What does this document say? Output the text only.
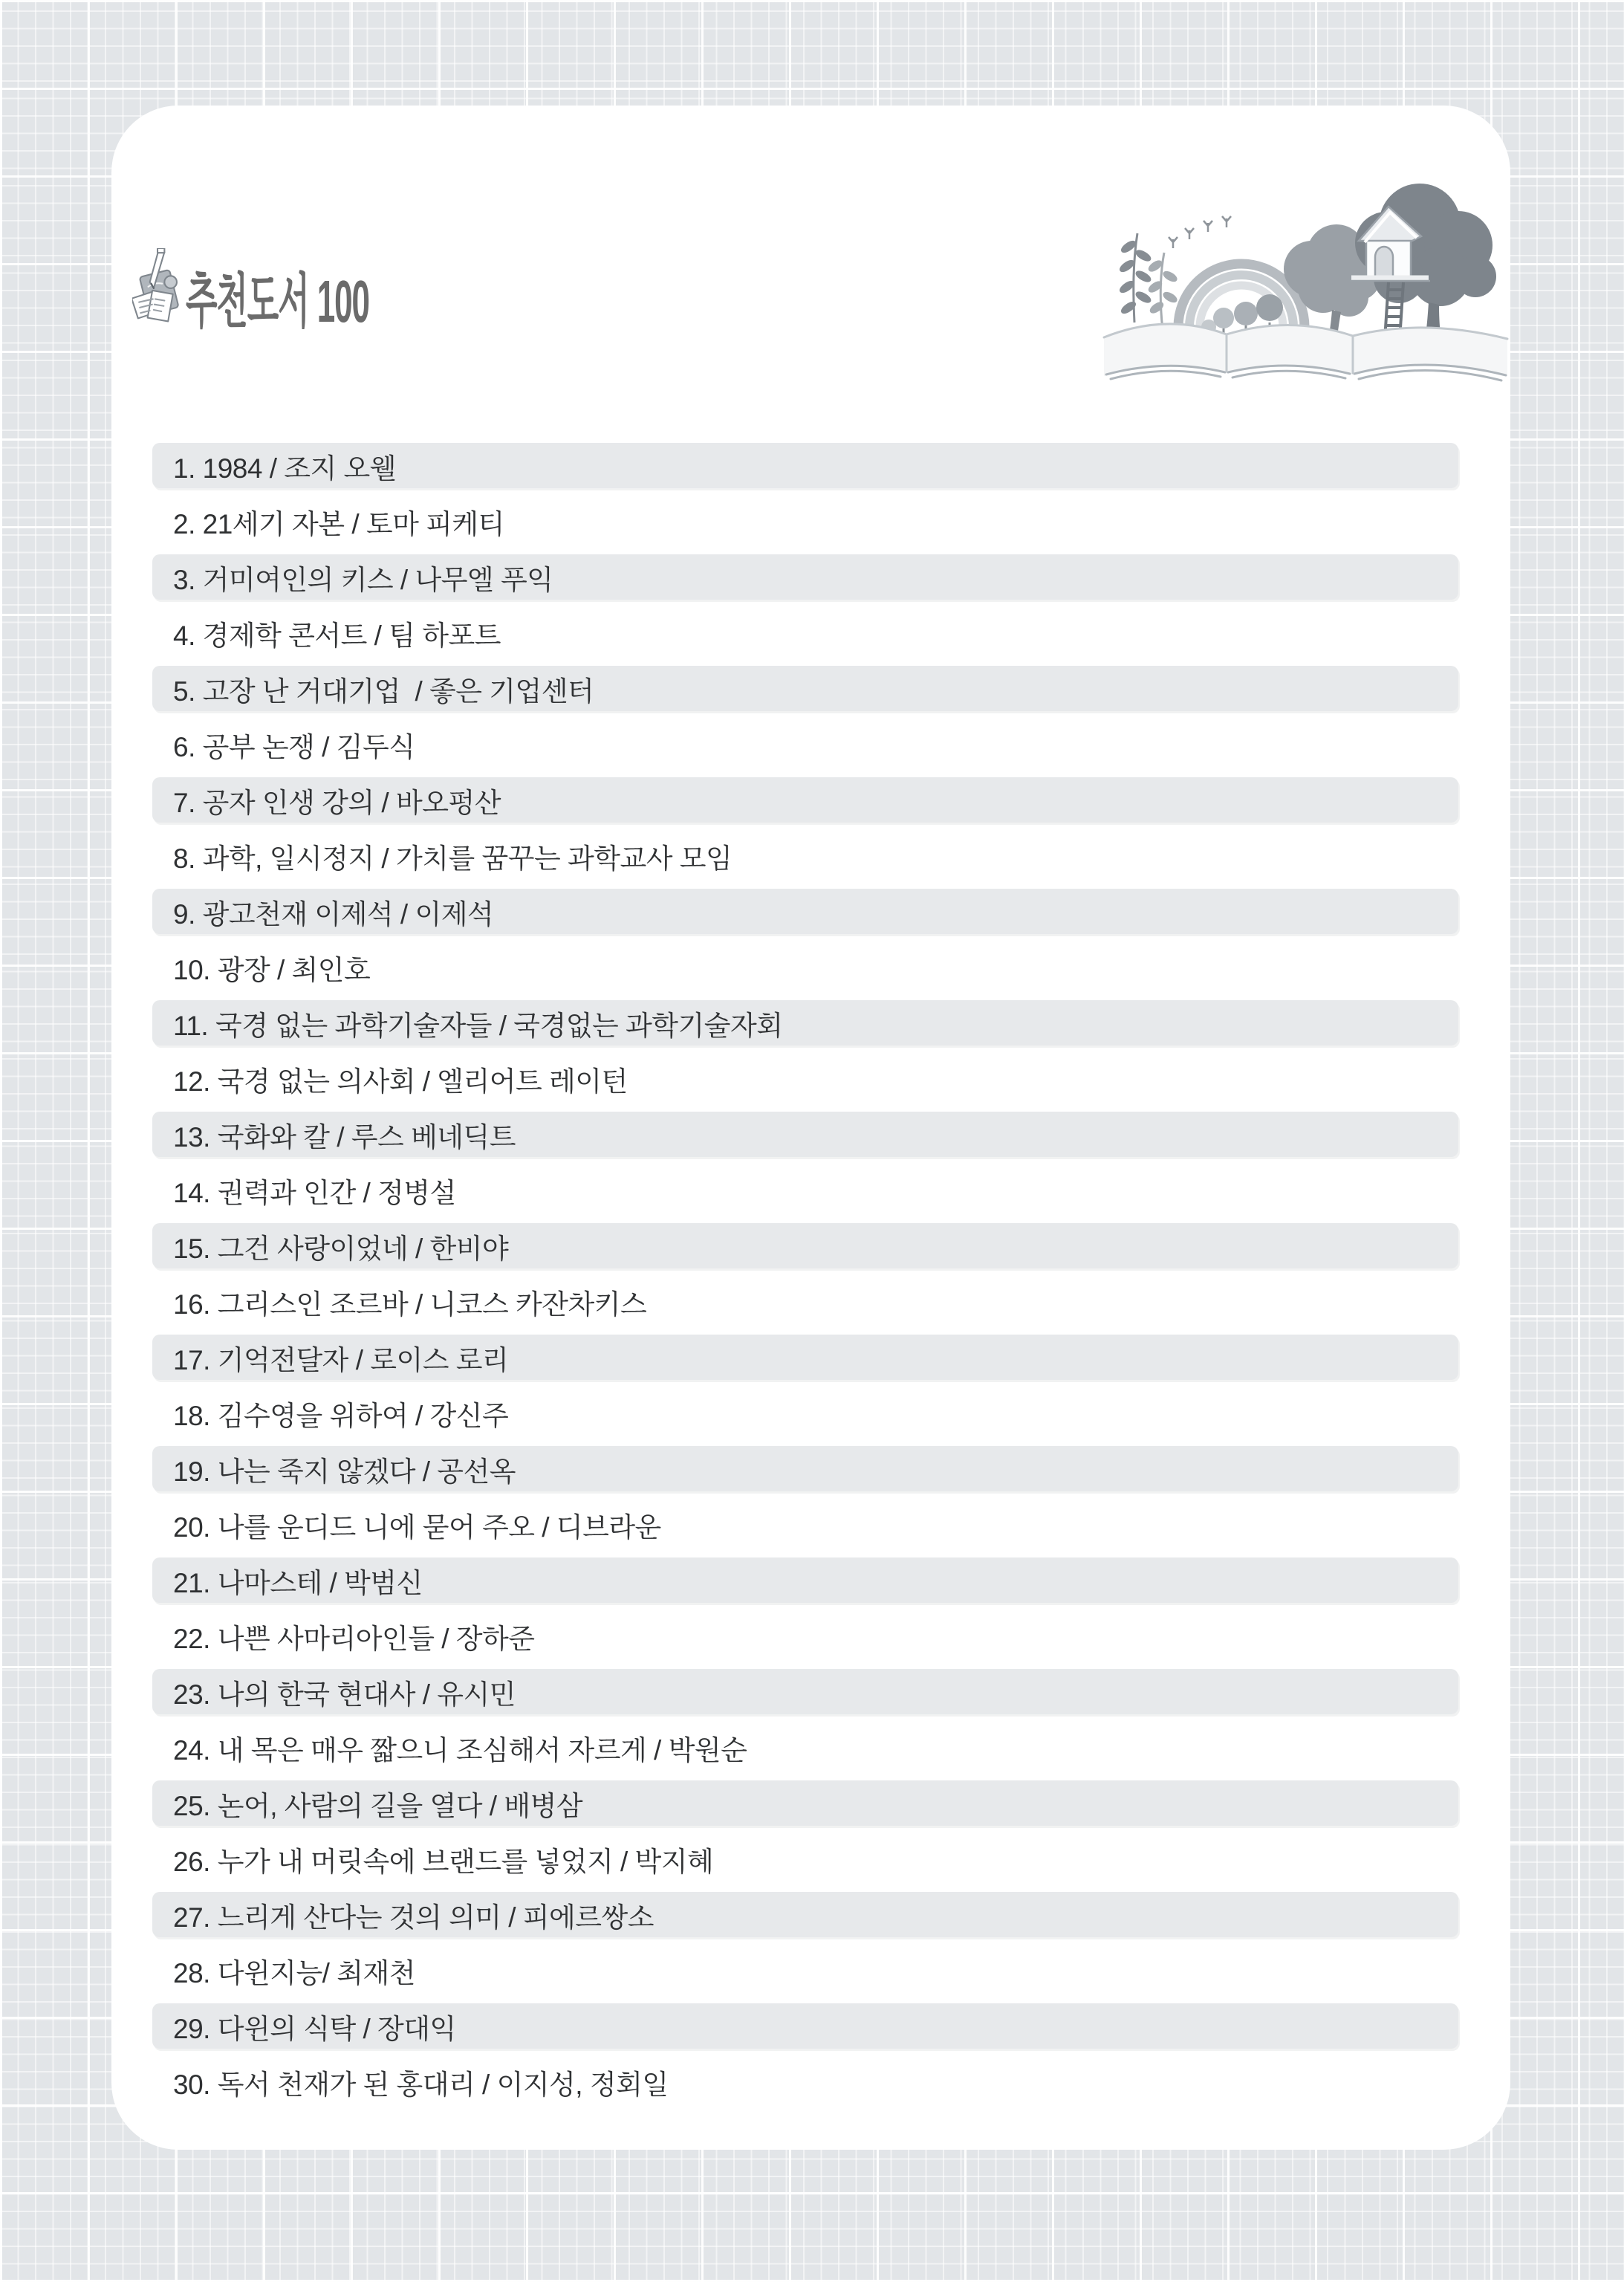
추천도서 100
1. 1984 / 조지 오웰
2. 21세기 자본 / 토마 피케티
3. 거미여인의 키스 / 나무엘 푸익
4. 경제학 콘서트 / 팀 하포트
5. 고장 난 거대기업  / 좋은 기업센터
6. 공부 논쟁 / 김두식
7. 공자 인생 강의 / 바오펑산
8. 과학, 일시정지 / 가치를 꿈꾸는 과학교사 모임
9. 광고천재 이제석 / 이제석
10. 광장 / 최인호
11. 국경 없는 과학기술자들 / 국경없는 과학기술자회
12. 국경 없는 의사회 / 엘리어트 레이턴
13. 국화와 칼 / 루스 베네딕트
14. 권력과 인간 / 정병설
15. 그건 사랑이었네 / 한비야
16. 그리스인 조르바 / 니코스 카잔차키스
17. 기억전달자 / 로이스 로리
18. 김수영을 위하여 / 강신주
19. 나는 죽지 않겠다 / 공선옥
20. 나를 운디드 니에 묻어 주오 / 디브라운
21. 나마스테 / 박범신
22. 나쁜 사마리아인들 / 장하준
23. 나의 한국 현대사 / 유시민
24. 내 목은 매우 짧으니 조심해서 자르게 / 박원순
25. 논어, 사람의 길을 열다 / 배병삼
26. 누가 내 머릿속에 브랜드를 넣었지 / 박지혜
27. 느리게 산다는 것의 의미 / 피에르쌍소
28. 다윈지능/ 최재천
29. 다윈의 식탁 / 장대익
30. 독서 천재가 된 홍대리 / 이지성, 정회일
